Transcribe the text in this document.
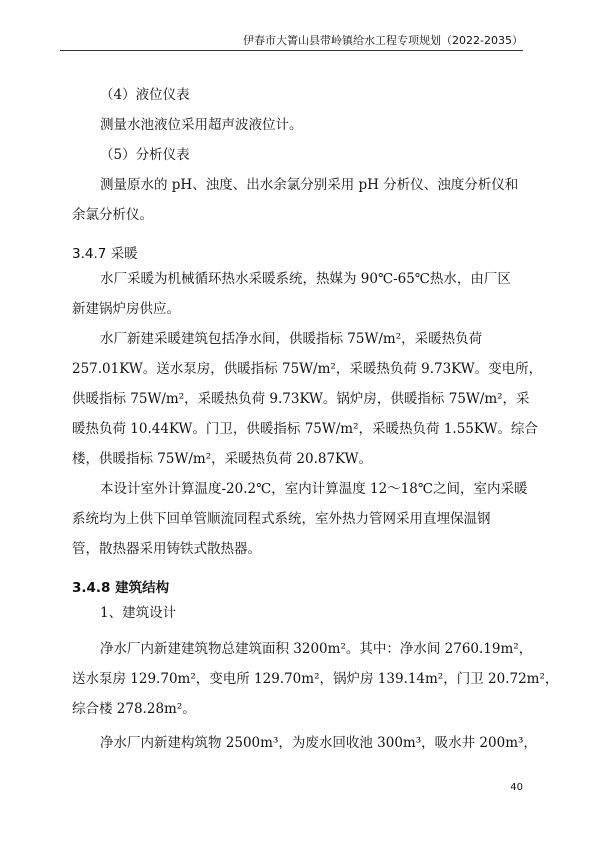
伊春市大箐山县带岭镇给水工程专项规划（2022-2035）
（4）液位仪表
测量水池液位采用超声波液位计。
（5）分析仪表
测量原水的 pH、浊度、出水余氯分别采用 pH 分析仪、浊度分析仪和
余氯分析仪。
3.4.7 采暖
水厂采暖为机械循环热水采暖系统，热媒为 90℃-65℃热水，由厂区
新建锅炉房供应。
水厂新建采暖建筑包括净水间，供暖指标 75W/m²，采暖热负荷
257.01KW。送水泵房，供暖指标 75W/m²，采暖热负荷 9.73KW。变电所，
供暖指标 75W/m²，采暖热负荷 9.73KW。锅炉房，供暖指标 75W/m²，采
暖热负荷 10.44KW。门卫，供暖指标 75W/m²，采暖热负荷 1.55KW。综合
楼，供暖指标 75W/m²，采暖热负荷 20.87KW。
本设计室外计算温度-20.2℃，室内计算温度 12～18℃之间，室内采暖
系统均为上供下回单管顺流同程式系统，室外热力管网采用直埋保温钢
管，散热器采用铸铁式散热器。
3.4.8 建筑结构
1、建筑设计
净水厂内新建建筑物总建筑面积 3200m²。其中：净水间 2760.19m²，
送水泵房 129.70m²，变电所 129.70m²，锅炉房 139.14m²，门卫 20.72m²，
综合楼 278.28m²。
净水厂内新建构筑物 2500m³，为废水回收池 300m³，吸水井 200m³，
40
